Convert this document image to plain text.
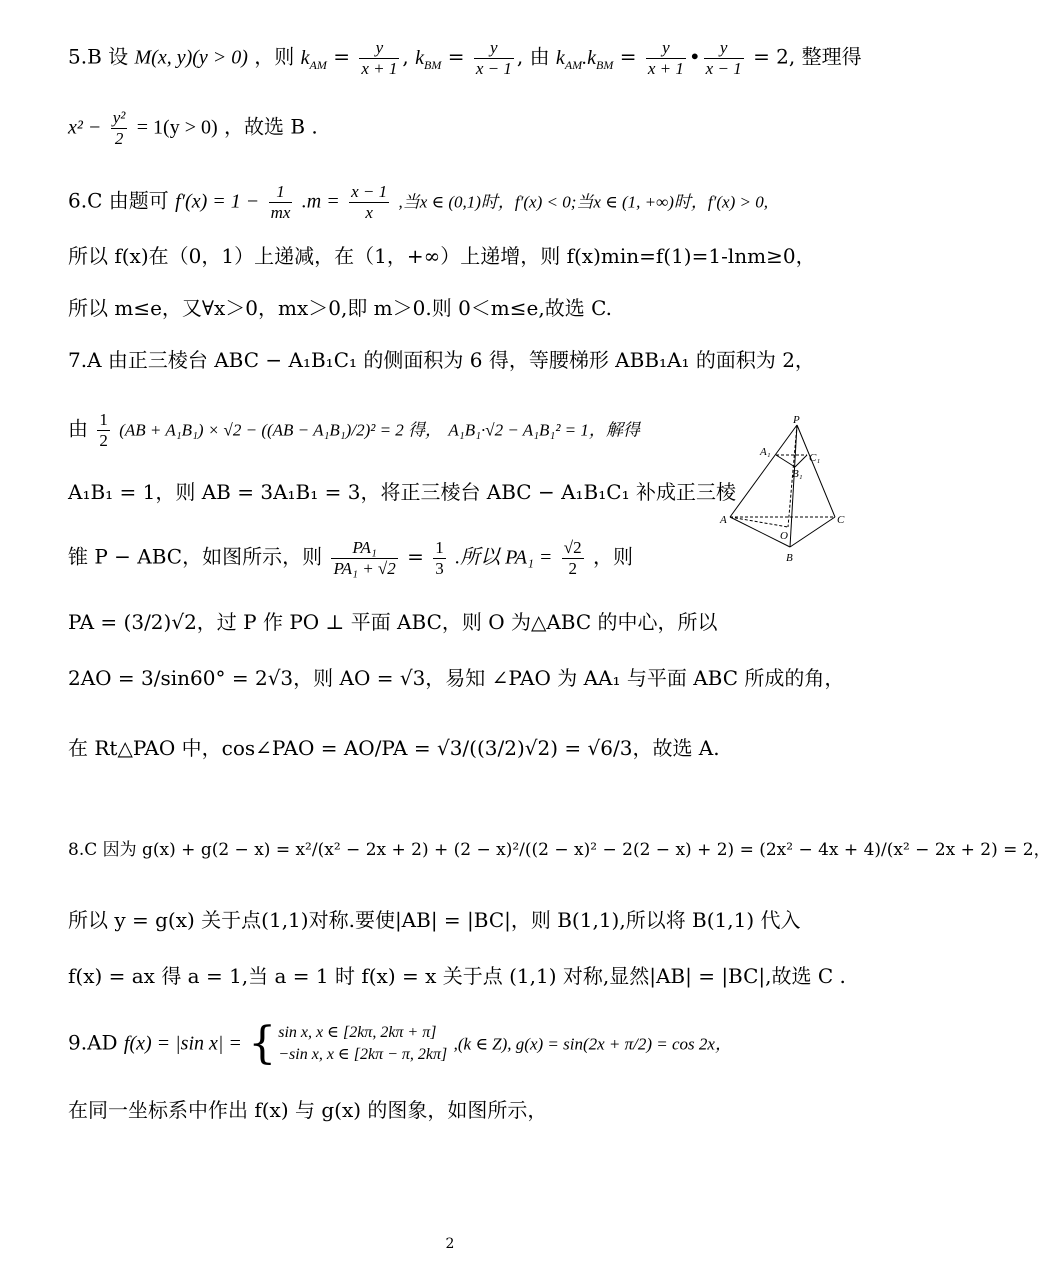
5.B 设 M(x, y)(y > 0) ，则 $k_{AM} = \frac{y}{x + 1}$ , $k_{BM} = \frac{y}{x - 1}$ , 由 $k_{AM}.k_{BM} = \frac{y}{x + 1}$ • $\frac{y}{x - 1} = 2$, 整理得
$x^2 - \frac{\text{y²}}{2} = 1(y > 0)$ ，故选 B .
6.C 由题可 $f'(x) = 1 - \frac{1}{mx} .m = \frac{x - 1}{x}$ ,当x ∈ (0,1)时，f′(x) < 0;当x ∈ (1, +∞)时，f′(x) > 0,
所以 f(x)在（0，1）上递减，在（1，+∞）上递增，则 f(x)min=f(1)=1-lnm≥0，
所以 m≤e，又∀x＞0，mx＞0,即 m＞0.则 0＜m≤e,故选 C.
7.A 由正三棱台 ABC − A₁B₁C₁ 的侧面积为 6 得，等腰梯形 ABB₁A₁ 的面积为 2，
由 $\frac{1}{2} (AB + A_1B_1) \times √2 - ((AB - A_1B_1)/2)^2 = 2$ 得， A₁B₁·√2 − A₁B₁² = 1，解得
A₁B₁ = 1，则 AB = 3A₁B₁ = 3，将正三棱台 ABC − A₁B₁C₁ 补成正三棱
锥 P − ABC，如图所示，则 $\frac{\text{PA₁}}{\text{PA₁ + √2}} = \frac{1}{3}$ .所以 $PA_1 = \frac{√2}{2}$ ，则
PA = (3/2)√2，过 P 作 PO ⊥ 平面 ABC，则 O 为△ABC 的中心，所以
2AO = 3/sin60° = 2√3，则 AO = √3，易知 ∠PAO 为 AA₁ 与平面 ABC 所成的角，
在 Rt△PAO 中，cos∠PAO = AO/PA = √3/((3/2)√2) = √6/3，故选 A.
P
A₁	C₁
B₁
A	C
O
B
8.C 因为 g(x) + g(2 − x) = x²/(x² − 2x + 2) + (2 − x)²/((2 − x)² − 2(2 − x) + 2) = (2x² − 4x + 4)/(x² − 2x + 2) = 2，
所以 y = g(x) 关于点(1,1)对称.要使|AB| = |BC|，则 B(1,1),所以将 B(1,1) 代入
f(x) = ax 得 a = 1,当 a = 1 时 f(x) = x 关于点 (1,1) 对称,显然|AB| = |BC|,故选 C .
9.AD f(x) = |sin x| = { sin x, x ∈ [2kπ, 2kπ + π]
−sin x, x ∈ [2kπ − π, 2kπ]
,(k ∈ Z), g(x) = sin(2x + π/2) = cos 2x，
在同一坐标系中作出 f(x) 与 g(x) 的图象，如图所示，
2
